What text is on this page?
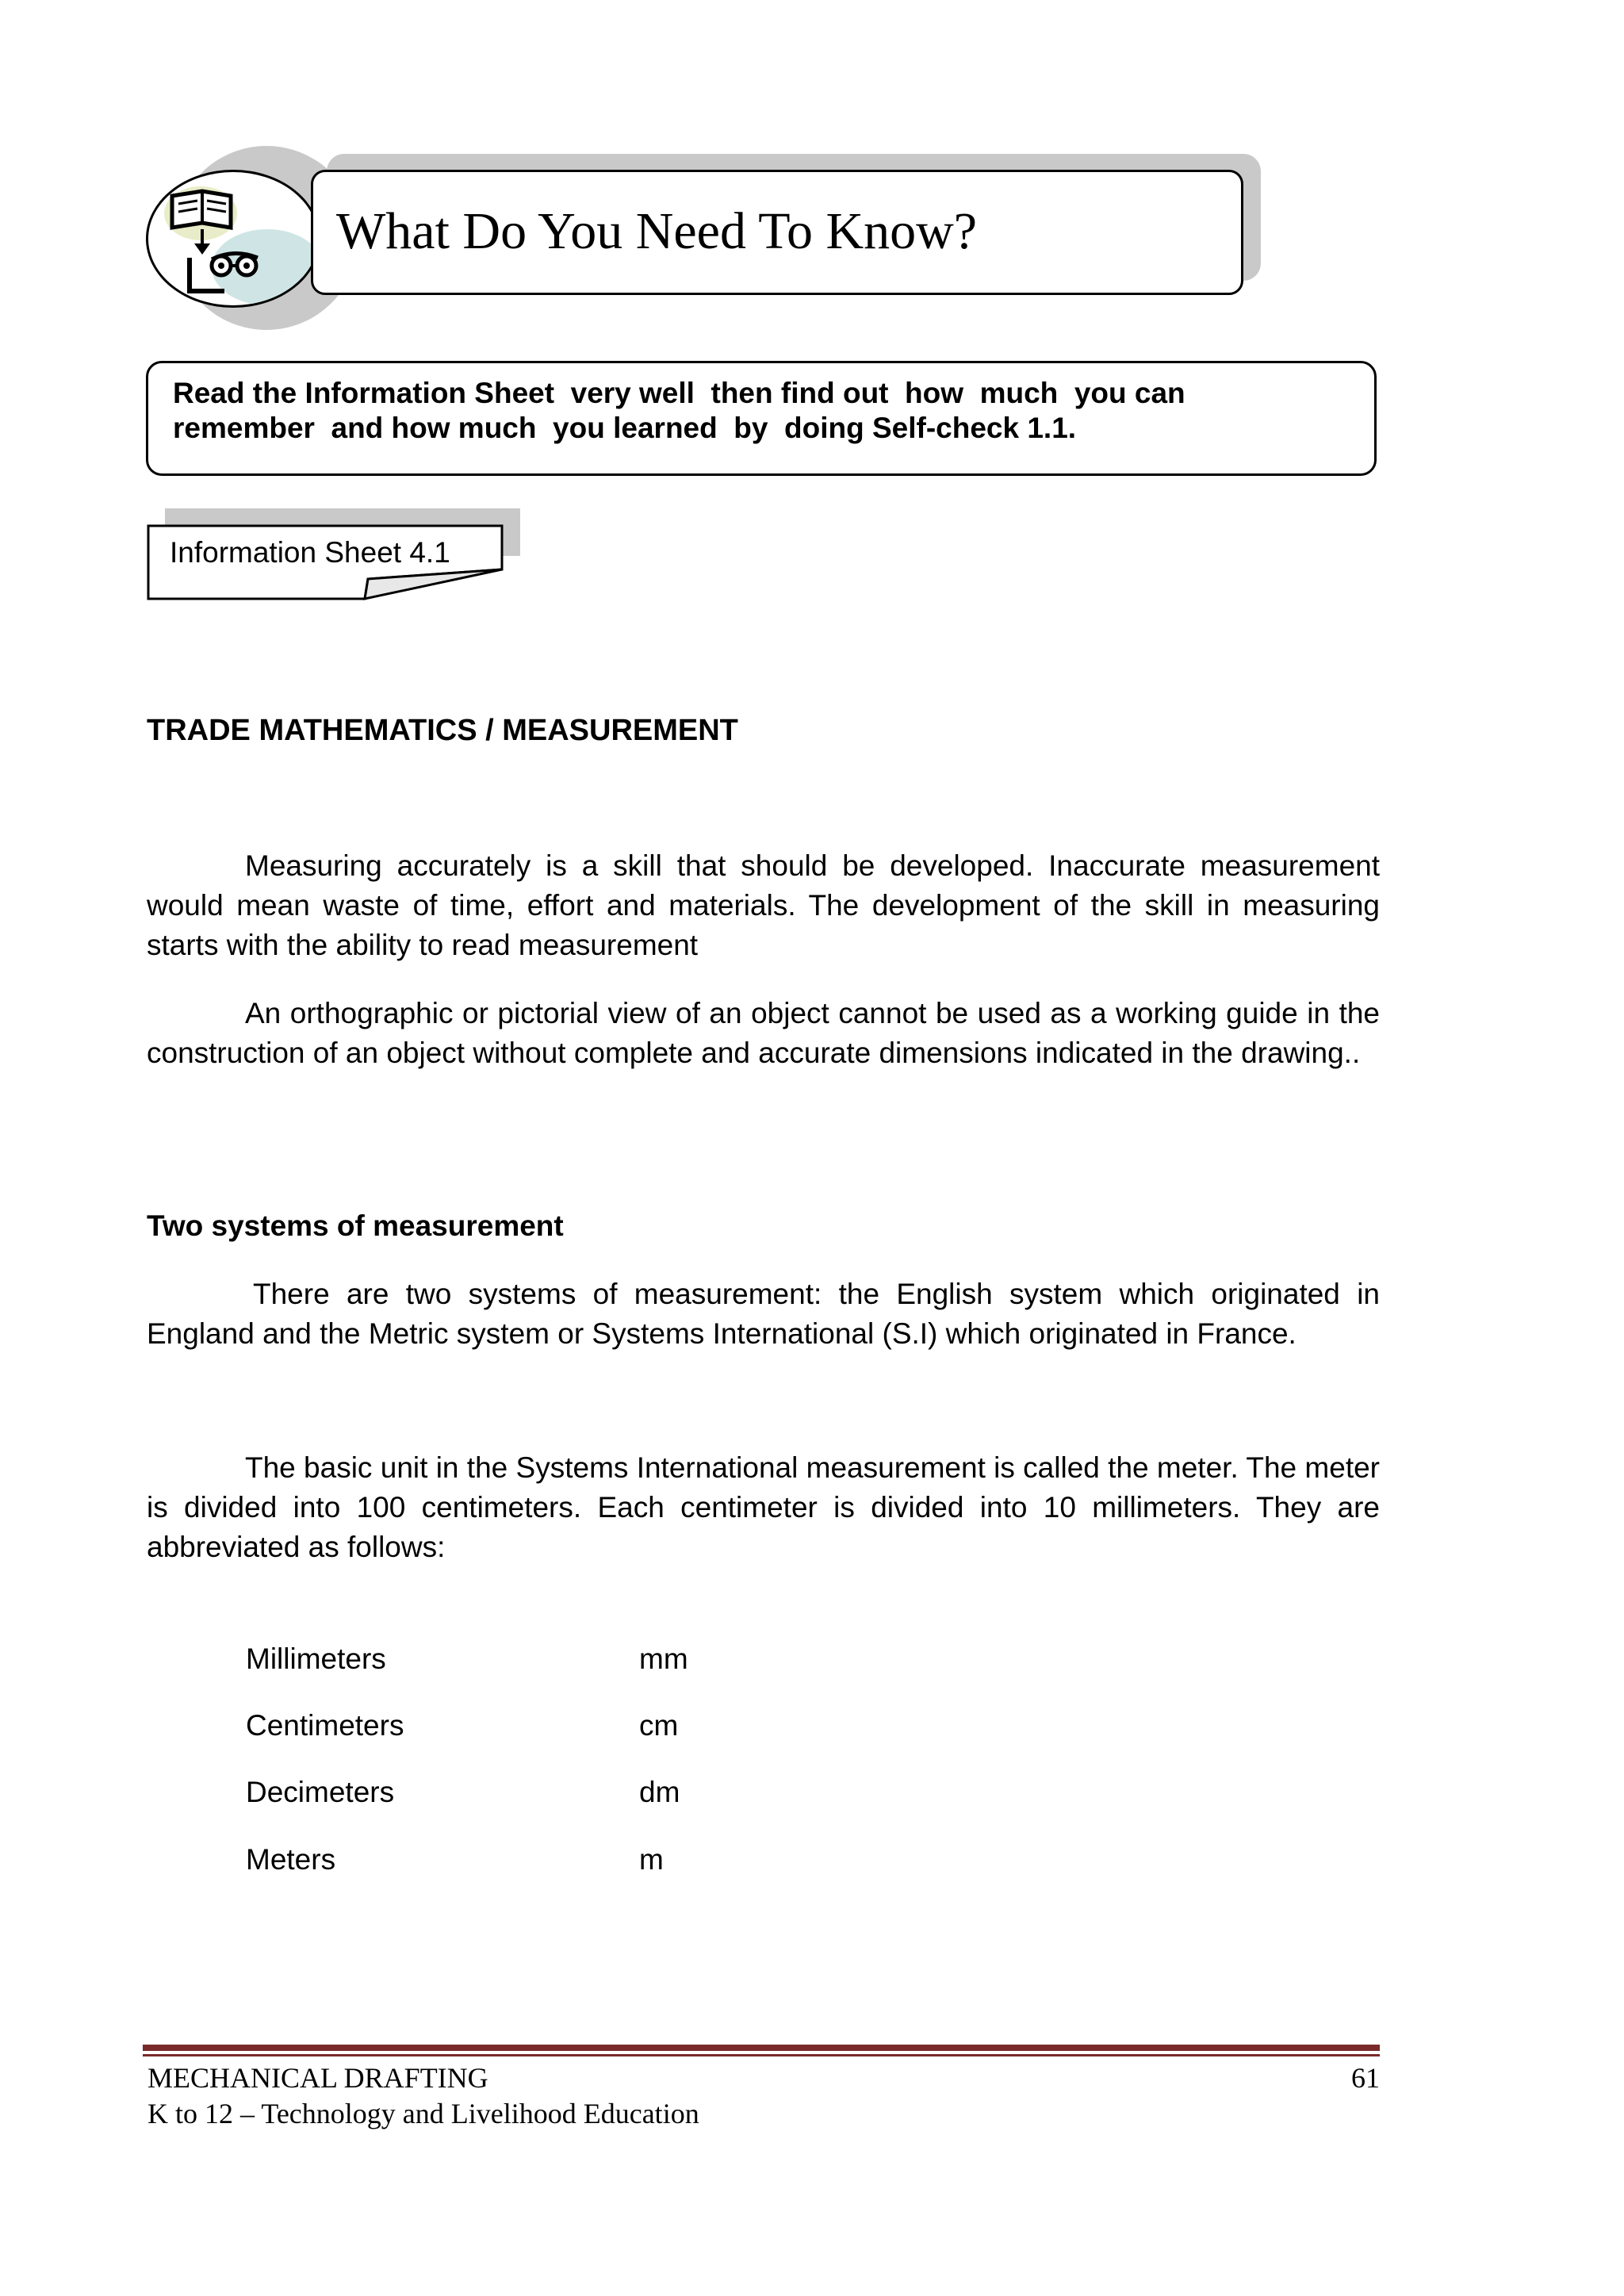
What Do You Need To Know?
Read the Information Sheet  very well  then find out  how  much  you can
remember  and how much  you learned  by  doing Self-check 1.1.
Information Sheet 4.1
TRADE MATHEMATICS / MEASUREMENT
Measuring accurately is a skill that should be developed. Inaccurate measurement would mean waste of time, effort and materials. The development of the skill in measuring starts with the ability to read measurement
An orthographic or pictorial view of an object cannot be used as a working guide in the construction of an object without complete and accurate dimensions indicated in the drawing..
Two systems of measurement
There are two systems of measurement: the English system which originated in England and the Metric system or Systems International (S.I) which originated in France.
The basic unit in the Systems International measurement is called the meter. The meter is divided into 100 centimeters. Each centimeter is divided into 10 millimeters. They are abbreviated as follows:
Millimeters	mm
Centimeters	cm
Decimeters	dm
Meters	m
MECHANICAL DRAFTING
K to 12 – Technology and Livelihood Education
61
